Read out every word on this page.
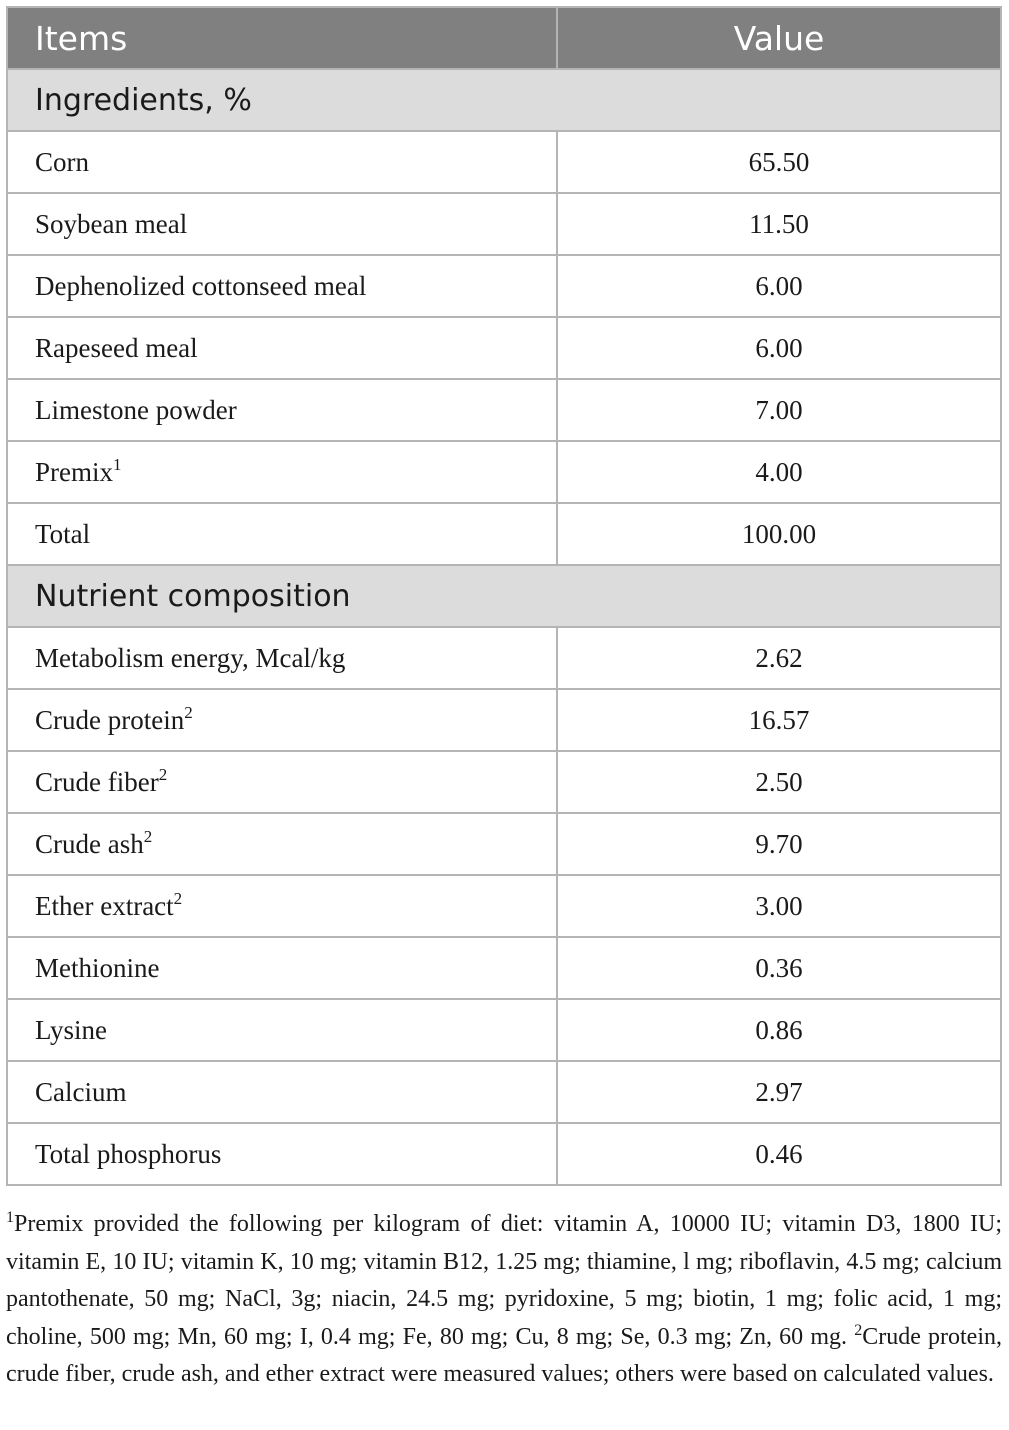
Items	Value
Ingredients, %	
Corn	65.50
Soybean meal	11.50
Dephenolized cottonseed meal	6.00
Rapeseed meal	6.00
Limestone powder	7.00
Premix$^1$	4.00
Total	100.00
Nutrient composition	
Metabolism energy, Mcal/kg	2.62
Crude protein$^2$	16.57
Crude fiber$^2$	2.50
Crude ash$^2$	9.70
Ether extract$^2$	3.00
Methionine	0.36
Lysine	0.86
Calcium	2.97
Total phosphorus	0.46

$^1$Premix provided the following per kilogram of diet: vitamin A, 10000 IU; vitamin D3, 1800 IU; vitamin E, 10 IU; vitamin K, 10 mg; vitamin B12, 1.25 mg; thiamine, l mg; riboflavin, 4.5 mg; calcium pantothenate, 50 mg; NaCl, 3g; niacin, 24.5 mg; pyridoxine, 5 mg; biotin, 1 mg; folic acid, 1 mg; choline, 500 mg; Mn, 60 mg; I, 0.4 mg; Fe, 80 mg; Cu, 8 mg; Se, 0.3 mg; Zn, 60 mg. $^2$Crude protein, crude fiber, crude ash, and ether extract were measured values; others were based on calculated values.
